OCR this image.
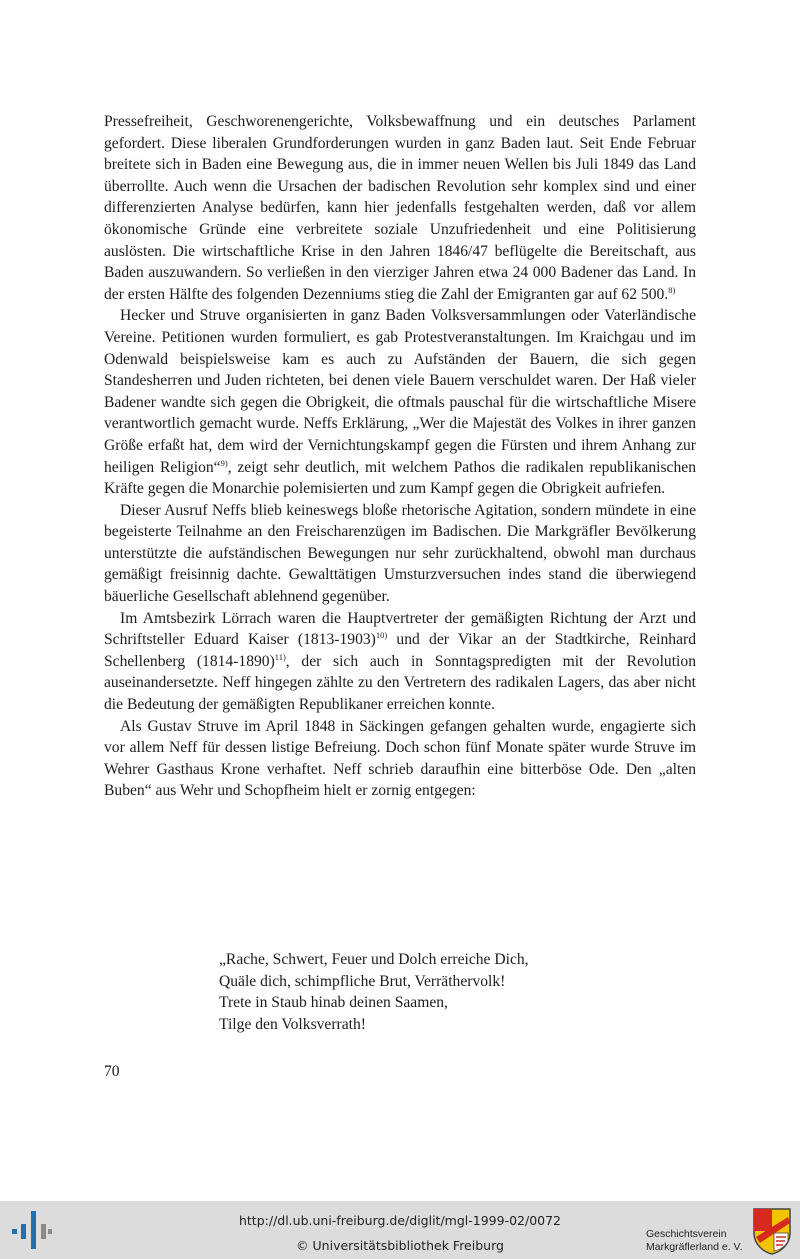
Pressefreiheit, Geschworenengerichte, Volksbewaffnung und ein deutsches Parlament gefordert. Diese liberalen Grundforderungen wurden in ganz Baden laut. Seit Ende Februar breitete sich in Baden eine Bewegung aus, die in immer neuen Wellen bis Juli 1849 das Land überrollte. Auch wenn die Ursachen der badischen Revolution sehr komplex sind und einer differenzierten Analyse bedürfen, kann hier jedenfalls festgehalten werden, daß vor allem ökonomische Gründe eine verbreitete soziale Unzufriedenheit und eine Politisierung auslösten. Die wirtschaftliche Krise in den Jahren 1846/47 beflügelte die Bereitschaft, aus Baden auszuwandern. So verließen in den vierziger Jahren etwa 24 000 Badener das Land. In der ersten Hälfte des folgenden Dezenniums stieg die Zahl der Emigranten gar auf 62 500.$^{8)}$

Hecker und Struve organisierten in ganz Baden Volksversammlungen oder Vaterländische Vereine. Petitionen wurden formuliert, es gab Protestveranstaltungen. Im Kraichgau und im Odenwald beispielsweise kam es auch zu Aufständen der Bauern, die sich gegen Standesherren und Juden richteten, bei denen viele Bauern verschuldet waren. Der Haß vieler Badener wandte sich gegen die Obrigkeit, die oftmals pauschal für die wirtschaftliche Misere verantwortlich gemacht wurde. Neffs Erklärung, „Wer die Majestät des Volkes in ihrer ganzen Größe erfaßt hat, dem wird der Vernichtungskampf gegen die Fürsten und ihrem Anhang zur heiligen Religion“$^{9)}$, zeigt sehr deutlich, mit welchem Pathos die radikalen republikanischen Kräfte gegen die Monarchie polemisierten und zum Kampf gegen die Obrigkeit aufriefen.

Dieser Ausruf Neffs blieb keineswegs bloße rhetorische Agitation, sondern mündete in eine begeisterte Teilnahme an den Freischarenzügen im Badischen. Die Markgräfler Bevölkerung unterstützte die aufständischen Bewegungen nur sehr zurückhaltend, obwohl man durchaus gemäßigt freisinnig dachte. Gewalttätigen Umsturzversuchen indes stand die überwiegend bäuerliche Gesellschaft ablehnend gegenüber.

Im Amtsbezirk Lörrach waren die Hauptvertreter der gemäßigten Richtung der Arzt und Schriftsteller Eduard Kaiser (1813-1903)$^{10)}$ und der Vikar an der Stadtkirche, Reinhard Schellenberg (1814-1890)$^{11)}$, der sich auch in Sonntagspredigten mit der Revolution auseinandersetzte. Neff hingegen zählte zu den Vertretern des radikalen Lagers, das aber nicht die Bedeutung der gemäßigten Republikaner erreichen konnte.

Als Gustav Struve im April 1848 in Säckingen gefangen gehalten wurde, engagierte sich vor allem Neff für dessen listige Befreiung. Doch schon fünf Monate später wurde Struve im Wehrer Gasthaus Krone verhaftet. Neff schrieb daraufhin eine bitterböse Ode. Den „alten Buben“ aus Wehr und Schopfheim hielt er zornig entgegen:

„Rache, Schwert, Feuer und Dolch erreiche Dich,
Quäle dich, schimpfliche Brut, Verräthervolk!
Trete in Staub hinab deinen Saamen,
Tilge den Volksverrath!
70
http://dl.ub.uni-freiburg.de/diglit/mgl-1999-02/0072
© Universitätsbibliothek Freiburg
Geschichtsverein
Markgräflerland e. V.
